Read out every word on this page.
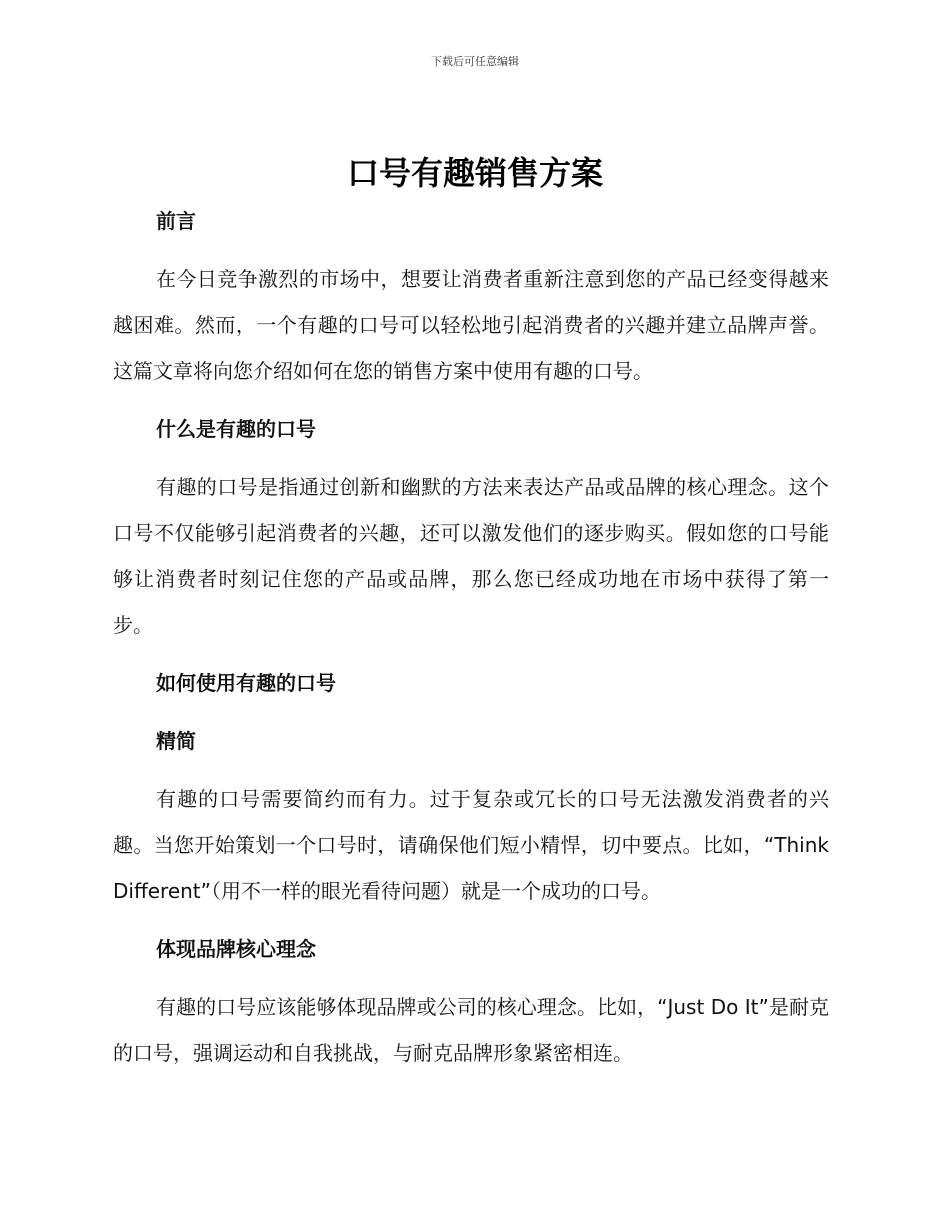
下载后可任意编辑
口号有趣销售方案
前言

在今日竞争激烈的市场中，想要让消费者重新注意到您的产品已经变得越来越困难。然而，一个有趣的口号可以轻松地引起消费者的兴趣并建立品牌声誉。这篇文章将向您介绍如何在您的销售方案中使用有趣的口号。

什么是有趣的口号

有趣的口号是指通过创新和幽默的方法来表达产品或品牌的核心理念。这个口号不仅能够引起消费者的兴趣，还可以激发他们的逐步购买。假如您的口号能够让消费者时刻记住您的产品或品牌，那么您已经成功地在市场中获得了第一步。

如何使用有趣的口号
精简

有趣的口号需要简约而有力。过于复杂或冗长的口号无法激发消费者的兴趣。当您开始策划一个口号时，请确保他们短小精悍，切中要点。比如，“Think Different”（用不一样的眼光看待问题）就是一个成功的口号。

体现品牌核心理念

有趣的口号应该能够体现品牌或公司的核心理念。比如，“Just Do It”是耐克的口号，强调运动和自我挑战，与耐克品牌形象紧密相连。
